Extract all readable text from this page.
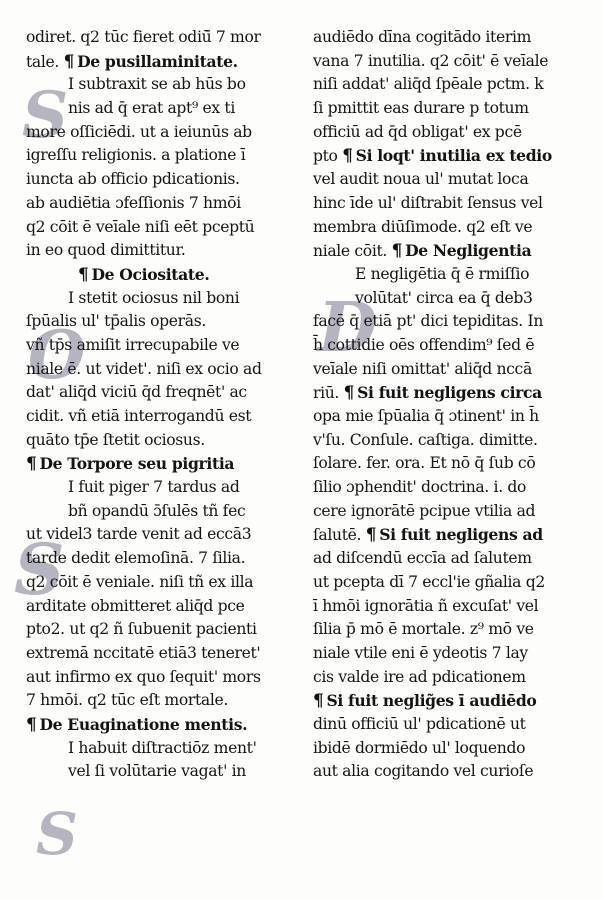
S
O
S
S
D
odiret. q2 tūc fieret odiū̄ 7 mor
tale. ¶ De pusillaminitate.
I subtraxit se ab hūs bo
nis ad q̄ erat apt⁹ ex ti
more oſſiciēdi. ut a ieiunūs ab
igreſſu religionis. a platione ī
iuncta ab officio pdicationis.
ab audiētia ɔfeſſionis 7 hmōi
q2 cōit ē veīale niſi eēt pceptū
in eo quod dimittitur.
¶ De Ociositate.
I stetit ociosus nil boni
ſpūalis ul' tp̄alis operās.
vñ tp̄s amiſit irrecupabile ve
niale ē. ut videt'. niſi ex ocio ad
dat' aliq̄d viciū q̄d freqnēt' ac
cidit. vñ etiā interrogandū est
quāto tp̄e ſtetit ociosus.
¶ De Torpore seu pigritia
I fuit piger 7 tardus ad
bñ opandū ɔ̄ſulēs tñ fec
ut videl3 tarde venit ad eccā3
tarde dedit elemoſinā. 7 ſilia.
q2 cōit ē veniale. niſi tñ ex illa
arditate obmitteret aliq̄d pce
pto2. ut q2 ñ ſubuenit pacienti
extremā nccitatē etiā3 teneret'
aut infirmo ex quo ſequit' mors
7 hmōi. q2 tūc eſt mortale.
¶ De Euaginatione mentis.
I habuit diſtractiōz ment'
vel ſi volūtarie vagat' in
audiēdo dīna cogitādo iterim
vana 7 inutilia. q2 cōit' ē veīale
niſi addat' aliq̄d ſpēale pctm. k
ſi pmittit eas durare p totum
officiū ad q̄d obligat' ex pcē
pto ¶ Si loqt' inutilia ex tedio
vel audit noua ul' mutat loca
hinc īde ul' diſtrabit ſensus vel
membra diūſimode. q2 eſt ve
niale cōit. ¶ De Negligentia
E negligētia q̄ ē rmiſſio
volūtat' circa ea q̄ deb3
facē q̄ etiā pt' dici tepiditas. In
h̄ cottidie oēs offendim⁹ ſed ē
veīale niſi omittat' aliq̄d nccā
riū. ¶ Si fuit negligens circa
opa mie ſpūalia q̄ ɔtinent' in h̄
v'ſu. Conſule. caſtiga. dimitte.
ſolare. fer. ora. Et nō q̄ ſub cō
ſilio ɔphendit' doctrina. i. do
cere ignorātē pcipue vtilia ad
ſalutē. ¶ Si fuit negligens ad
ad diſcendū eccīa ad ſalutem
ut pcepta dī 7 eccl'ie gñalia q2
ī hmōi ignorātia ñ excuſat' vel
ſilia p̄ mō ē mortale. z⁹ mō ve
niale vtile eni ē ydeotis 7 lay
cis valde ire ad pdicationem
¶ Si fuit neglig̃es ī audiēdo
dinū officiū ul' pdicationē ut
ibidē dormiēdo ul' loquendo
aut alia cogitando vel curioſe
